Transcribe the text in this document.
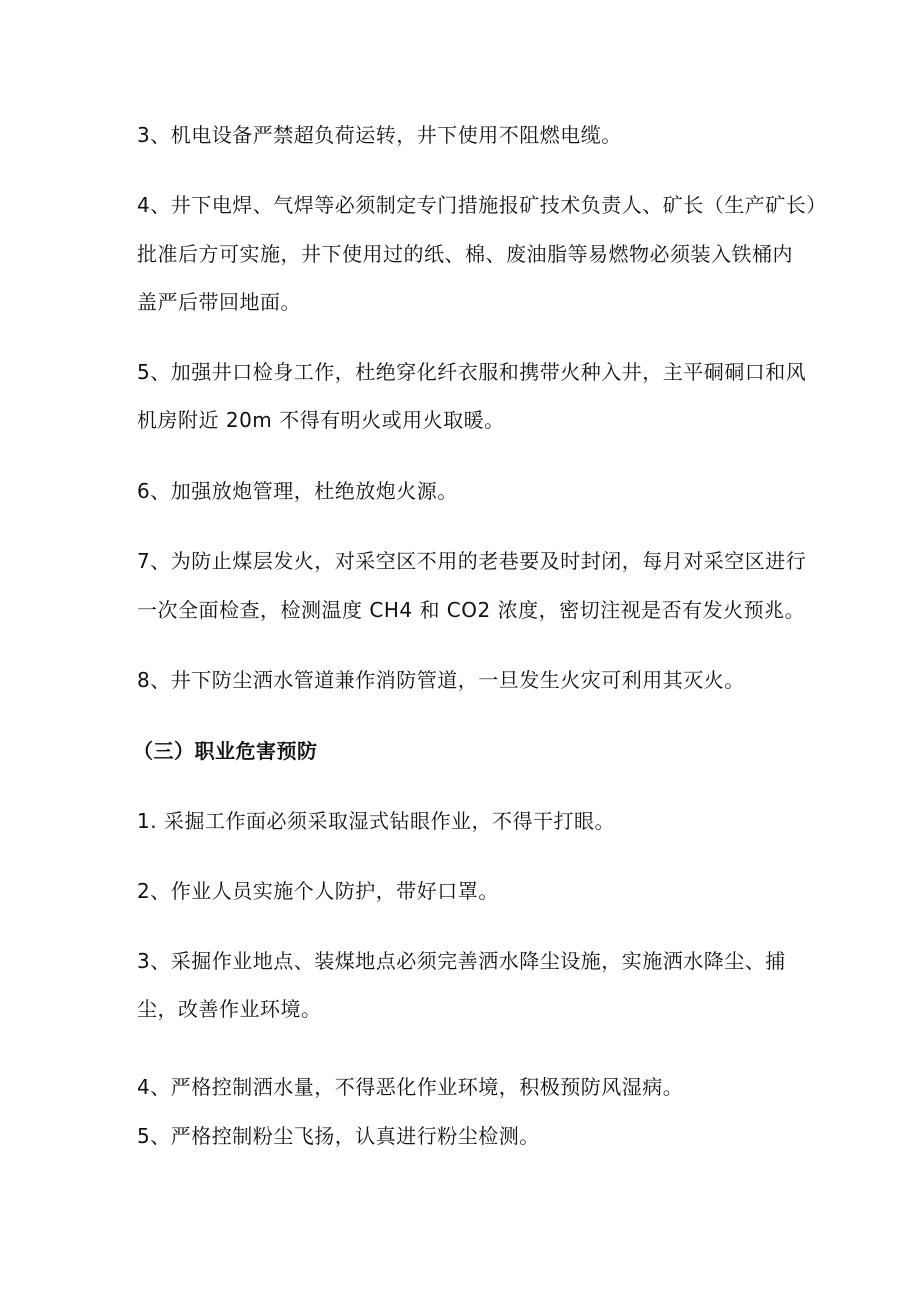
3、机电设备严禁超负荷运转，井下使用不阻燃电缆。
4、井下电焊、气焊等必须制定专门措施报矿技术负责人、矿长（生产矿长）
批准后方可实施，井下使用过的纸、棉、废油脂等易燃物必须装入铁桶内
盖严后带回地面。
5、加强井口检身工作，杜绝穿化纤衣服和携带火种入井，主平硐硐口和风
机房附近 20m 不得有明火或用火取暖。
6、加强放炮管理，杜绝放炮火源。
7、为防止煤层发火，对采空区不用的老巷要及时封闭，每月对采空区进行
一次全面检查，检测温度 CH4 和 CO2 浓度，密切注视是否有发火预兆。
8、井下防尘洒水管道兼作消防管道，一旦发生火灾可利用其灭火。
（三）职业危害预防
1. 采掘工作面必须采取湿式钻眼作业，不得干打眼。
2、作业人员实施个人防护，带好口罩。
3、采掘作业地点、装煤地点必须完善洒水降尘设施，实施洒水降尘、捕
尘，改善作业环境。
4、严格控制洒水量，不得恶化作业环境，积极预防风湿病。
5、严格控制粉尘飞扬，认真进行粉尘检测。
